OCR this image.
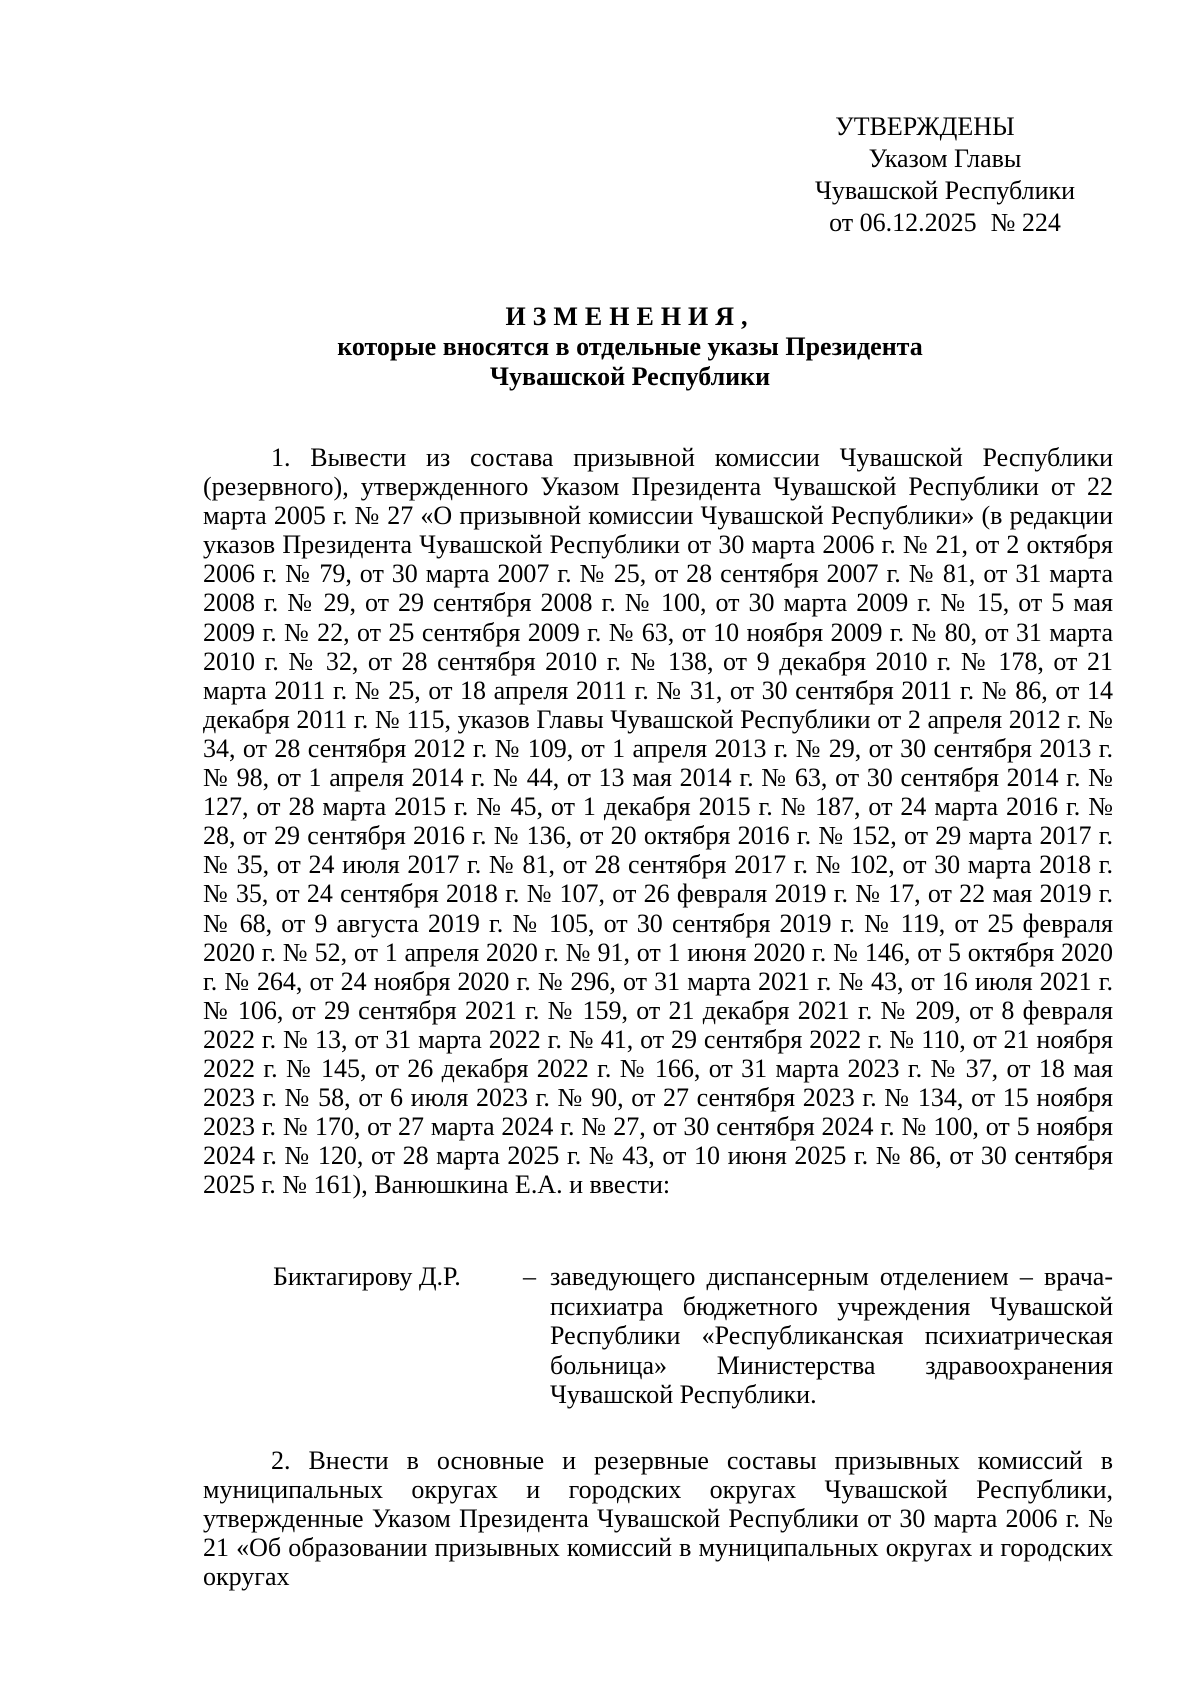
УТВЕРЖДЕНЫ
Указом Главы
Чувашской Республики
от 06.12.2025 № 224
ИЗМЕНЕНИЯ,
которые вносятся в отдельные указы Президента
Чувашской Республики
1. Вывести из состава призывной комиссии Чувашской Республики (резервного), утвержденного Указом Президента Чувашской Республики от 22 марта 2005 г. № 27 «О призывной комиссии Чувашской Республики» (в редакции указов Президента Чувашской Республики от 30 марта 2006 г. № 21, от 2 октября 2006 г. № 79, от 30 марта 2007 г. № 25, от 28 сентября 2007 г. № 81, от 31 марта 2008 г. № 29, от 29 сентября 2008 г. № 100, от 30 марта 2009 г. № 15, от 5 мая 2009 г. № 22, от 25 сентября 2009 г. № 63, от 10 ноября 2009 г. № 80, от 31 марта 2010 г. № 32, от 28 сентября 2010 г. № 138, от 9 декабря 2010 г. № 178, от 21 марта 2011 г. № 25, от 18 апреля 2011 г. № 31, от 30 сентября 2011 г. № 86, от 14 декабря 2011 г. № 115, указов Главы Чувашской Республики от 2 апреля 2012 г. № 34, от 28 сентября 2012 г. № 109, от 1 апреля 2013 г. № 29, от 30 сентября 2013 г. № 98, от 1 апреля 2014 г. № 44, от 13 мая 2014 г. № 63, от 30 сентября 2014 г. № 127, от 28 марта 2015 г. № 45, от 1 декабря 2015 г. № 187, от 24 марта 2016 г. № 28, от 29 сентября 2016 г. № 136, от 20 октября 2016 г. № 152, от 29 марта 2017 г. № 35, от 24 июля 2017 г. № 81, от 28 сентября 2017 г. № 102, от 30 марта 2018 г. № 35, от 24 сентября 2018 г. № 107, от 26 февраля 2019 г. № 17, от 22 мая 2019 г. № 68, от 9 августа 2019 г. № 105, от 30 сентября 2019 г. № 119, от 25 февраля 2020 г. № 52, от 1 апреля 2020 г. № 91, от 1 июня 2020 г. № 146, от 5 октября 2020 г. № 264, от 24 ноября 2020 г. № 296, от 31 марта 2021 г. № 43, от 16 июля 2021 г. № 106, от 29 сентября 2021 г. № 159, от 21 декабря 2021 г. № 209, от 8 февраля 2022 г. № 13, от 31 марта 2022 г. № 41, от 29 сентября 2022 г. № 110, от 21 ноября 2022 г. № 145, от 26 декабря 2022 г. № 166, от 31 марта 2023 г. № 37, от 18 мая 2023 г. № 58, от 6 июля 2023 г. № 90, от 27 сентября 2023 г. № 134, от 15 ноября 2023 г. № 170, от 27 марта 2024 г. № 27, от 30 сентября 2024 г. № 100, от 5 ноября 2024 г. № 120, от 28 марта 2025 г. № 43, от 10 июня 2025 г. № 86, от 30 сентября 2025 г. № 161), Ванюшкина Е.А. и ввести:
Биктагирову Д.Р. – заведующего диспансерным отделением – врача-психиатра бюджетного учреждения Чувашской Республики «Республиканская психиатрическая больница» Министерства здравоохранения Чувашской Республики.
2. Внести в основные и резервные составы призывных комиссий в муниципальных округах и городских округах Чувашской Республики, утвержденные Указом Президента Чувашской Республики от 30 марта 2006 г. № 21 «Об образовании призывных комиссий в муниципальных округах и городских округах
